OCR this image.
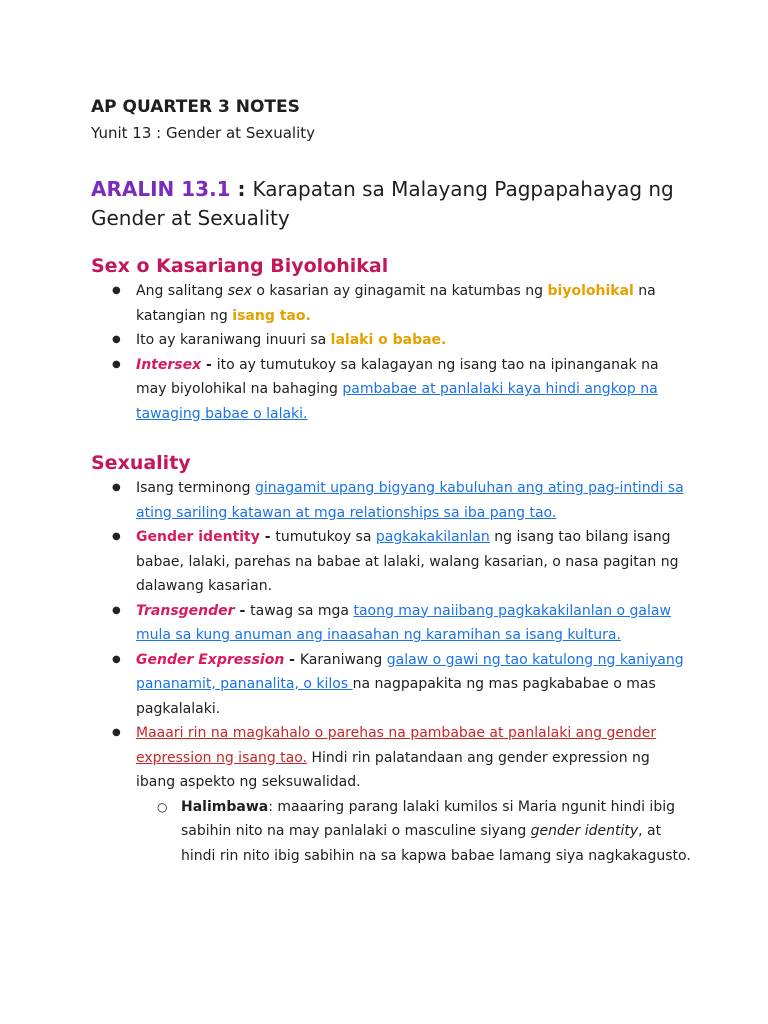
AP QUARTER 3 NOTES

Yunit 13 : Gender at Sexuality

ARALIN 13.1 : Karapatan sa Malayang Pagpapahayag ng Gender at Sexuality

Sex o Kasariang Biyolohikal
● Ang salitang sex o kasarian ay ginagamit na katumbas ng biyolohikal na katangian ng isang tao.
● Ito ay karaniwang inuuri sa lalaki o babae.
● Intersex - ito ay tumutukoy sa kalagayan ng isang tao na ipinanganak na may biyolohikal na bahaging pambabae at panlalaki kaya hindi angkop na tawaging babae o lalaki.
Sexuality
● Isang terminong ginagamit upang bigyang kabuluhan ang ating pag-intindi sa ating sariling katawan at mga relationships sa iba pang tao.
● Gender identity - tumutukoy sa pagkakakilanlan ng isang tao bilang isang babae, lalaki, parehas na babae at lalaki, walang kasarian, o nasa pagitan ng dalawang kasarian.
● Transgender - tawag sa mga taong may naiibang pagkakakilanlan o galaw mula sa kung anuman ang inaasahan ng karamihan sa isang kultura.
● Gender Expression - Karaniwang galaw o gawi ng tao katulong ng kaniyang pananamit, pananalita, o kilos na nagpapakita ng mas pagkababae o mas pagkalalaki.
● Maaari rin na magkahalo o parehas na pambabae at panlalaki ang gender expression ng isang tao. Hindi rin palatandaan ang gender expression ng ibang aspekto ng seksuwalidad.
○ Halimbawa: maaaring parang lalaki kumilos si Maria ngunit hindi ibig sabihin nito na may panlalaki o masculine siyang gender identity, at hindi rin nito ibig sabihin na sa kapwa babae lamang siya nagkakagusto.
